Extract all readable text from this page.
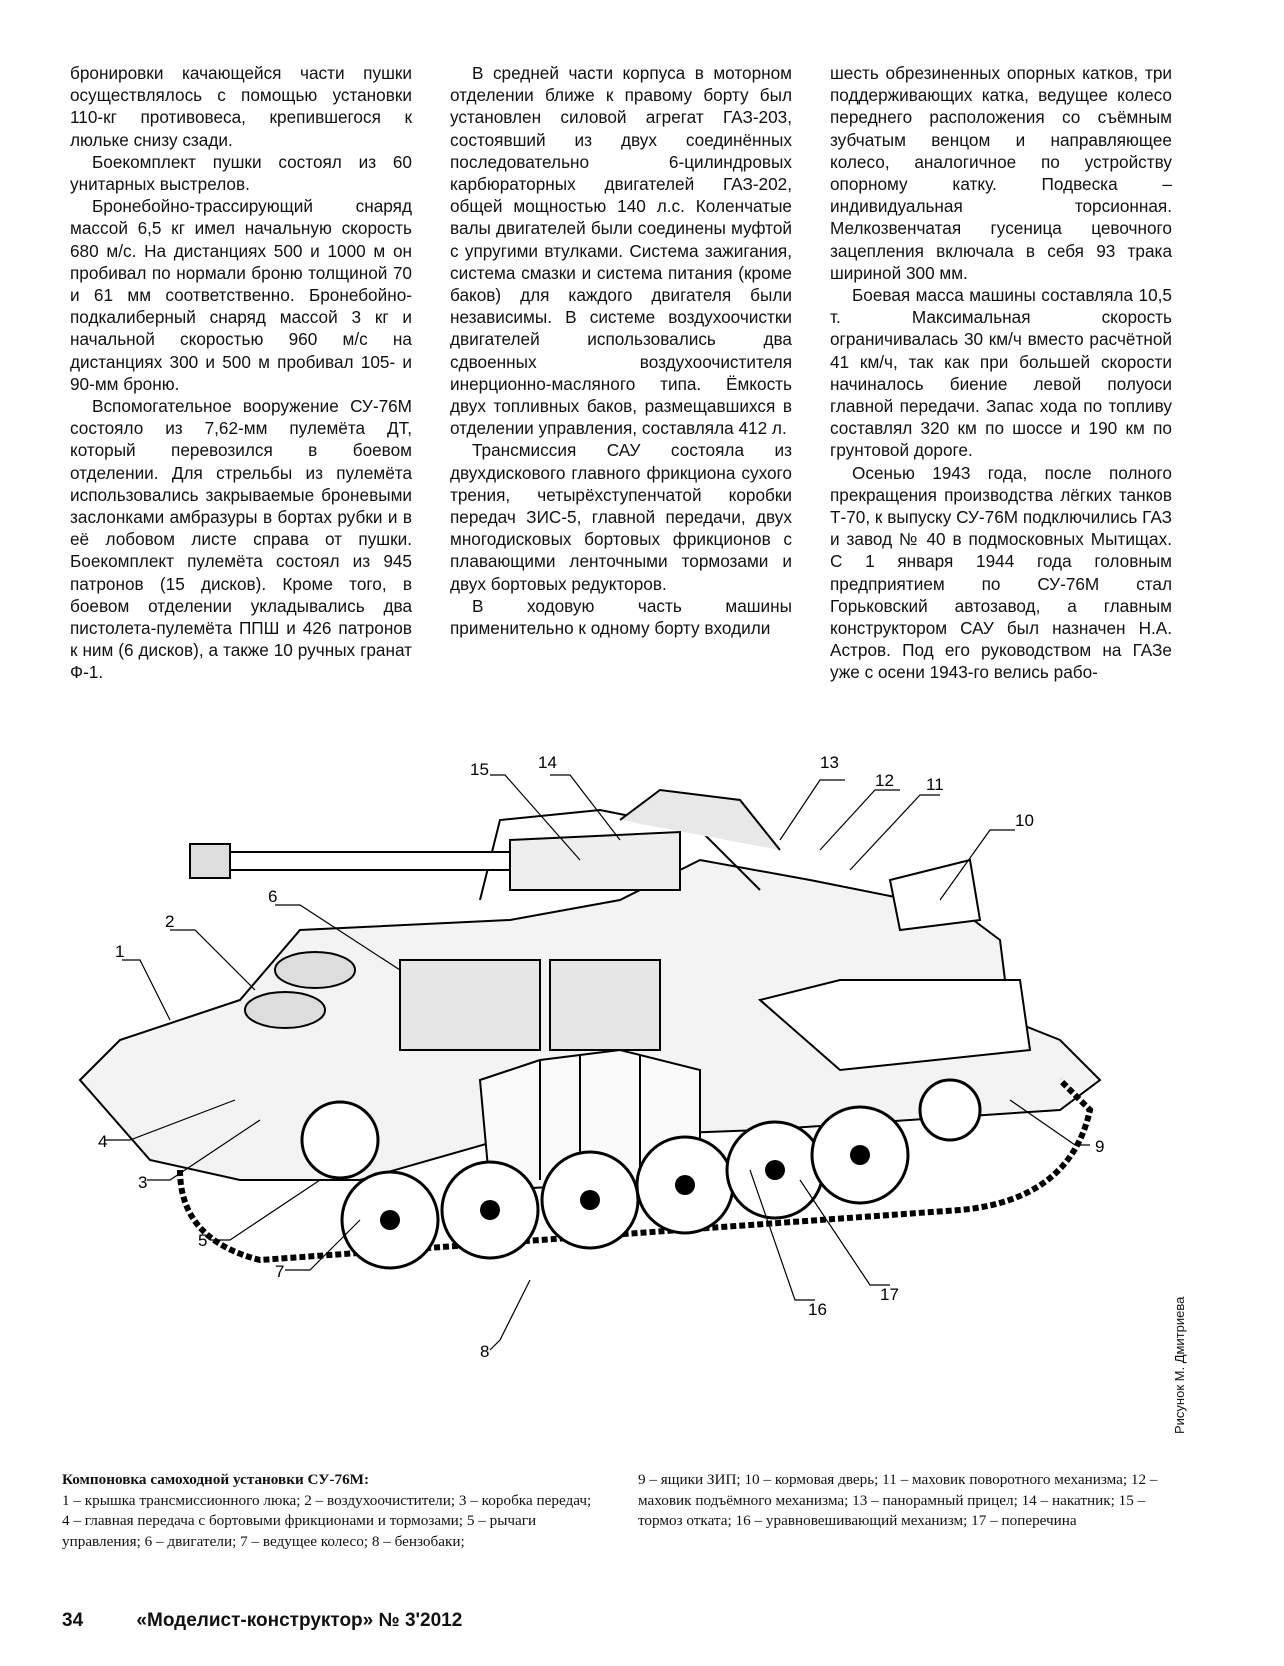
бронировки качающейся части пушки осуществлялось с помощью установки 110-кг противовеса, крепившегося к люльке снизу сзади.

Боекомплект пушки состоял из 60 унитарных выстрелов.

Бронебойно-трассирующий снаряд массой 6,5 кг имел начальную скорость 680 м/с. На дистанциях 500 и 1000 м он пробивал по нормали броню толщиной 70 и 61 мм соответственно. Бронебойно-подкалиберный снаряд массой 3 кг и начальной скоростью 960 м/с на дистанциях 300 и 500 м пробивал 105- и 90-мм броню.

Вспомогательное вооружение СУ-76М состояло из 7,62-мм пулемёта ДТ, который перевозился в боевом отделении. Для стрельбы из пулемёта использовались закрываемые броневыми заслонками амбразуры в бортах рубки и в её лобовом листе справа от пушки. Боекомплект пулемёта состоял из 945 патронов (15 дисков). Кроме того, в боевом отделении укладывались два пистолета-пулемёта ППШ и 426 патронов к ним (6 дисков), а также 10 ручных гранат Ф-1.

В средней части корпуса в моторном отделении ближе к правому борту был установлен силовой агрегат ГАЗ-203, состоявший из двух соединённых последовательно 6-цилиндровых карбюраторных двигателей ГАЗ-202, общей мощностью 140 л.с. Коленчатые валы двигателей были соединены муфтой с упругими втулками. Система зажигания, система смазки и система питания (кроме баков) для каждого двигателя были независимы. В системе воздухоочистки двигателей использовались два сдвоенных воздухоочистителя инерционно-масляного типа. Ёмкость двух топливных баков, размещавшихся в отделении управления, составляла 412 л.

Трансмиссия САУ состояла из двухдискового главного фрикциона сухого трения, четырёхступенчатой коробки передач ЗИС-5, главной передачи, двух многодисковых бортовых фрикционов с плавающими ленточными тормозами и двух бортовых редукторов.

В ходовую часть машины применительно к одному борту входили

шесть обрезиненных опорных катков, три поддерживающих катка, ведущее колесо переднего расположения со съёмным зубчатым венцом и направляющее колесо, аналогичное по устройству опорному катку. Подвеска – индивидуальная торсионная. Мелкозвенчатая гусеница цевочного зацепления включала в себя 93 трака шириной 300 мм.

Боевая масса машины составляла 10,5 т. Максимальная скорость ограничивалась 30 км/ч вместо расчётной 41 км/ч, так как при большей скорости начиналось биение левой полуоси главной передачи. Запас хода по топливу составлял 320 км по шоссе и 190 км по грунтовой дороге.

Осенью 1943 года, после полного прекращения производства лёгких танков Т-70, к выпуску СУ-76М подключились ГАЗ и завод № 40 в подмосковных Мытищах. С 1 января 1944 года головным предприятием по СУ-76М стал Горьковский автозавод, а главным конструктором САУ был назначен Н.А. Астров. Под его руководством на ГАЗе уже с осени 1943-го велись рабо-

1
2
3
4
5
6
7
8
9
10
11
12
13
14
15
16
17
Рисунок М. Дмитриева
Компоновка самоходной установки СУ-76М:
1 – крышка трансмиссионного люка; 2 – воздухоочистители; 3 – коробка передач; 4 – главная передача с бортовыми фрикционами и тормозами; 5 – рычаги управления; 6 – двигатели; 7 – ведущее колесо; 8 – бензобаки;
9 – ящики ЗИП; 10 – кормовая дверь; 11 – маховик поворотного механизма; 12 – маховик подъёмного механизма; 13 – панорамный прицел; 14 – накатник; 15 – тормоз отката; 16 – уравновешивающий механизм; 17 – поперечина
34	«Моделист-конструктор» № 3'2012
